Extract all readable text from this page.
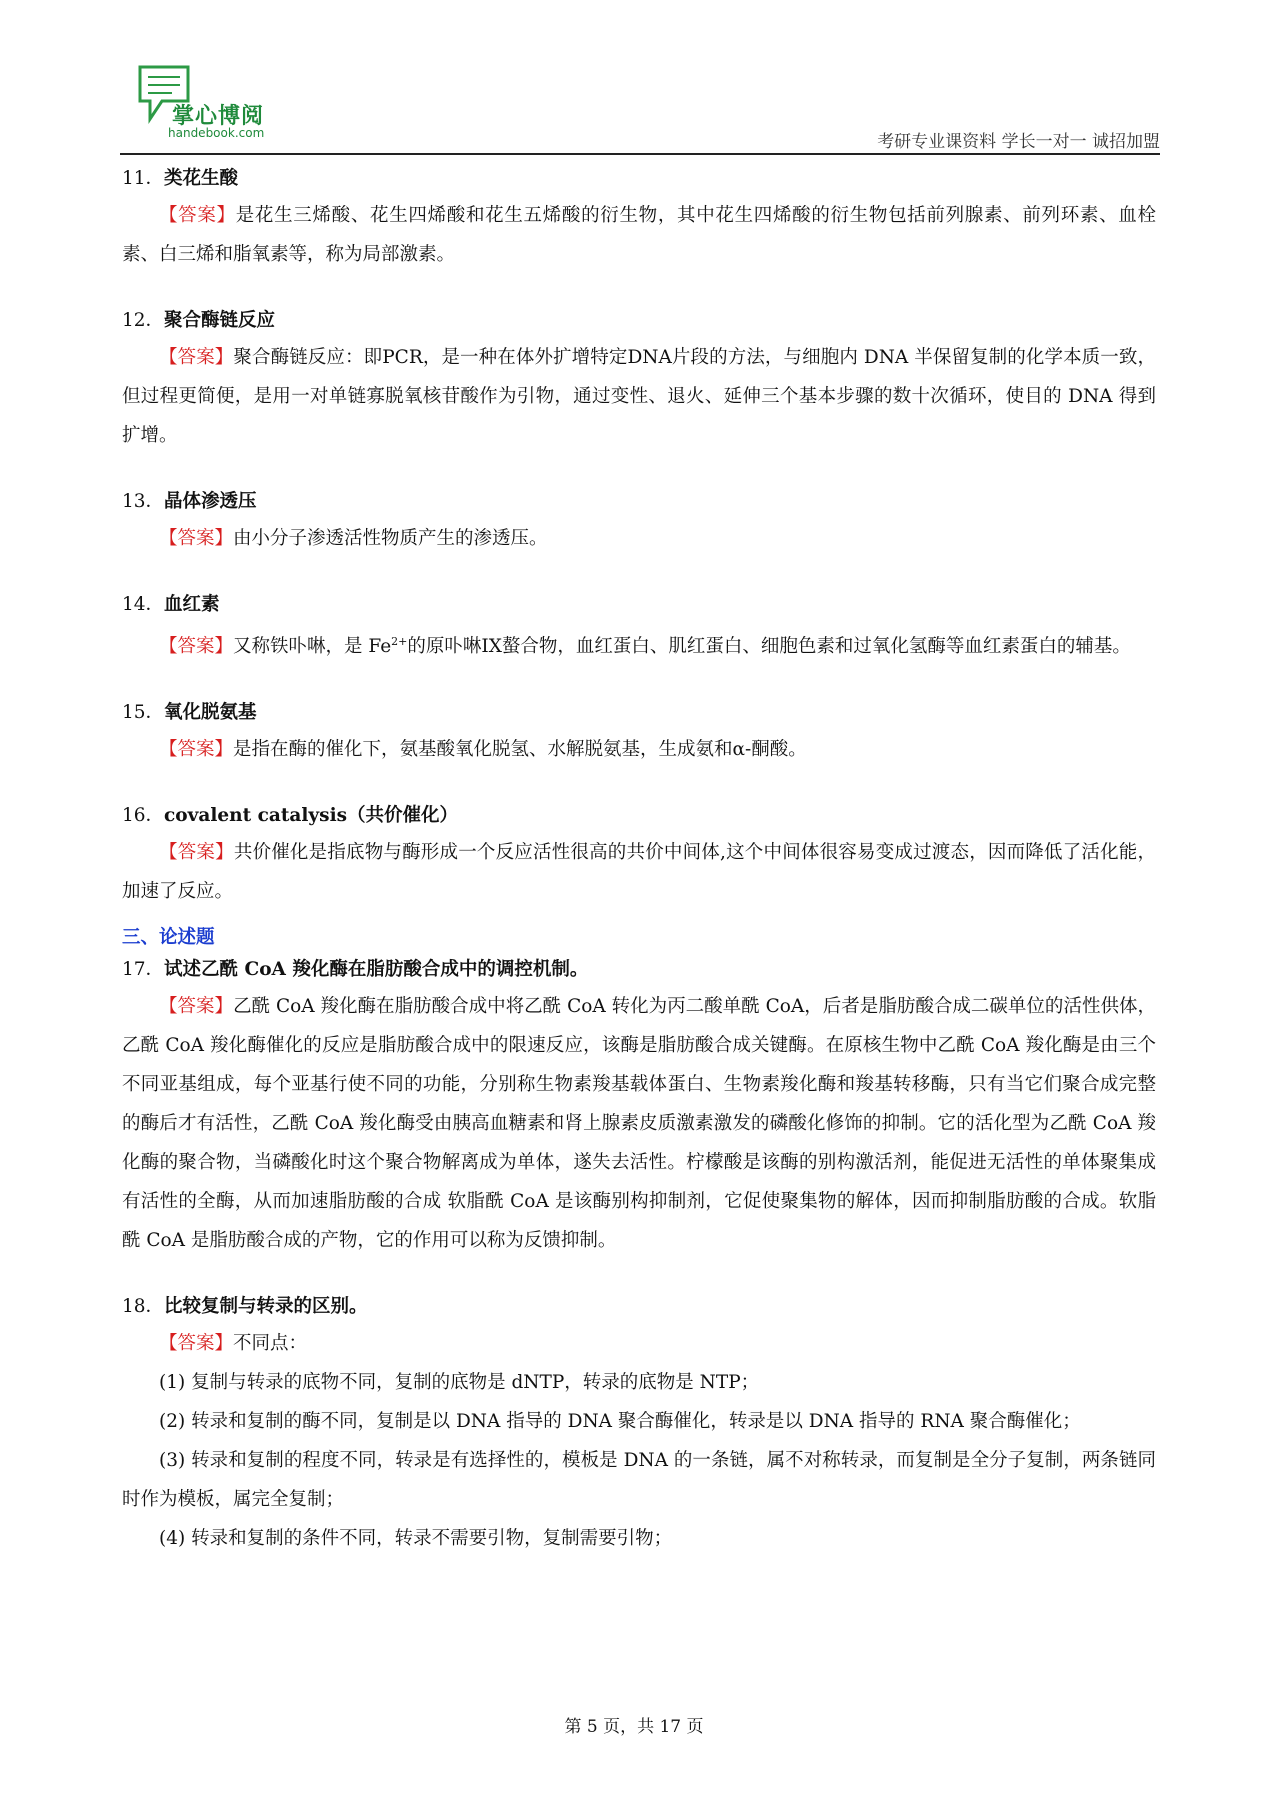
掌心博阅
handebook.com	考研专业课资料 学长一对一 诚招加盟

11．类花生酸

【答案】是花生三烯酸、花生四烯酸和花生五烯酸的衍生物，其中花生四烯酸的衍生物包括前列腺素、前列环素、血栓素、白三烯和脂氧素等，称为局部激素。

12．聚合酶链反应

【答案】聚合酶链反应：即PCR，是一种在体外扩增特定DNA片段的方法，与细胞内 DNA 半保留复制的化学本质一致，但过程更简便，是用一对单链寡脱氧核苷酸作为引物，通过变性、退火、延伸三个基本步骤的数十次循环，使目的 DNA 得到扩增。

13．晶体渗透压

【答案】由小分子渗透活性物质产生的渗透压。

14．血红素

【答案】又称铁卟啉，是 $Fe^{2+}$的原卟啉IX螯合物，血红蛋白、肌红蛋白、细胞色素和过氧化氢酶等血红素蛋白的辅基。

15．氧化脱氨基

【答案】是指在酶的催化下，氨基酸氧化脱氢、水解脱氨基，生成氨和α-酮酸。

16．covalent catalysis（共价催化）

【答案】共价催化是指底物与酶形成一个反应活性很高的共价中间体,这个中间体很容易变成过渡态，因而降低了活化能，加速了反应。

三、论述题

17．试述乙酰 CoA 羧化酶在脂肪酸合成中的调控机制。

【答案】乙酰 CoA 羧化酶在脂肪酸合成中将乙酰 CoA 转化为丙二酸单酰 CoA，后者是脂肪酸合成二碳单位的活性供体，乙酰 CoA 羧化酶催化的反应是脂肪酸合成中的限速反应，该酶是脂肪酸合成关键酶。在原核生物中乙酰 CoA 羧化酶是由三个不同亚基组成，每个亚基行使不同的功能，分别称生物素羧基载体蛋白、生物素羧化酶和羧基转移酶，只有当它们聚合成完整的酶后才有活性，乙酰 CoA 羧化酶受由胰高血糖素和肾上腺素皮质激素激发的磷酸化修饰的抑制。它的活化型为乙酰 CoA 羧化酶的聚合物，当磷酸化时这个聚合物解离成为单体，遂失去活性。柠檬酸是该酶的别构激活剂，能促进无活性的单体聚集成有活性的全酶，从而加速脂肪酸的合成 软脂酰 CoA 是该酶别构抑制剂，它促使聚集物的解体，因而抑制脂肪酸的合成。软脂酰 CoA 是脂肪酸合成的产物，它的作用可以称为反馈抑制。

18．比较复制与转录的区别。

【答案】不同点：

(1) 复制与转录的底物不同，复制的底物是 dNTP，转录的底物是 NTP；

(2) 转录和复制的酶不同，复制是以 DNA 指导的 DNA 聚合酶催化，转录是以 DNA 指导的 RNA 聚合酶催化；

(3) 转录和复制的程度不同，转录是有选择性的，模板是 DNA 的一条链，属不对称转录，而复制是全分子复制，两条链同时作为模板，属完全复制；

(4) 转录和复制的条件不同，转录不需要引物，复制需要引物；

第 5 页，共 17 页
